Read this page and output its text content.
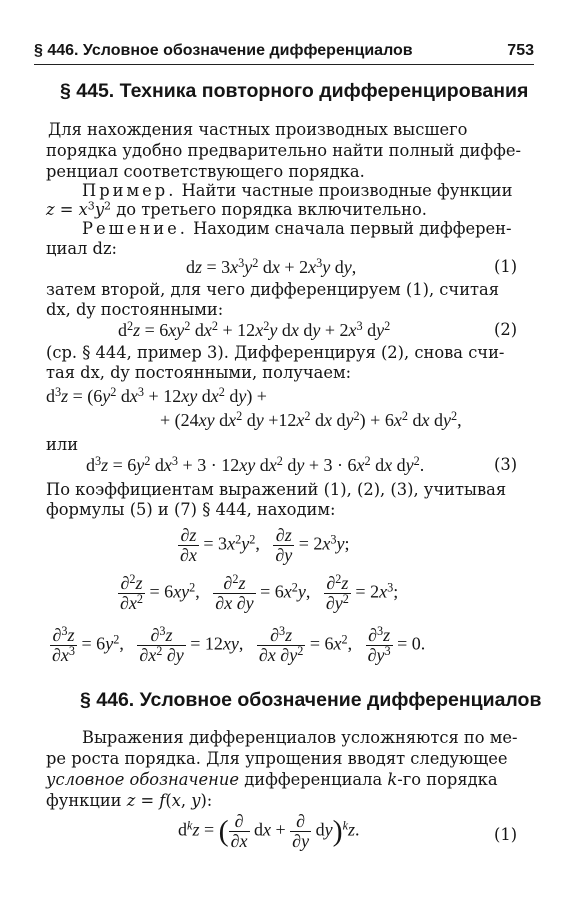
§ 446. Условное обозначение дифференциалов	753
§ 445. Техника повторного дифференцирования
Для нахождения частных производных высшего
порядка удобно предварительно найти полный диффе-
ренциал соответствующего порядка.
Пример. Найти частные производные функции
$z = x^3y^2$ до третьего порядка включительно.
Решение. Находим сначала первый дифферен-
циал dz:
dz = $3x^3y^2$ dx + $2x^3y$ dy,	(1)
затем второй, для чего дифференцируем (1), считая
dx, dy постоянными:
$d^2z = 6xy^2$ $dx^2 + 12x^2y$ dx dy + $2x^3$ $dy^2$	(2)
(ср. § 444, пример 3). Дифференцируя (2), снова счи-
тая dx, dy постоянными, получаем:
$d^3z = (6y^2$ $dx^3 + 12xy$ $dx^2$ dy) +
+ (24xy $dx^2$ dy $+12x^2$ dx $dy^2) + 6x^2$ dx $dy^2$,
или
$d^3z = 6y^2$ $dx^3 + 3 \cdot 12xy$ $dx^2$ dy + $3 \cdot 6x^2$ dx $dy^2$.	(3)
По коэффициентам выражений (1), (2), (3), учитывая
формулы (5) и (7) § 444, находим:
$\frac{\partial z}{\partial x} = 3x^2y^2$, $\frac{\partial z}{\partial y} = 2x^3y$;
$\frac{\partial^2z}{\partial x^2} = 6xy^2$, $\frac{\partial^2z}{\partial x \partial y} = 6x^2y$, $\frac{\partial^2z}{\partial y^2} = 2x^3$;
$\frac{\partial^3z}{\partial x^3} = 6y^2$, $\frac{\partial^3z}{\partial x^2 \partial y} = 12xy$, $\frac{\partial^3z}{\partial x \partial y^2} = 6x^2$, $\frac{\partial^3z}{\partial y^3} = 0$.
§ 446. Условное обозначение дифференциалов
Выражения дифференциалов усложняются по ме-
ре роста порядка. Для упрощения вводят следующее
условное обозначение дифференциала k-го порядка
функции z = f(x, y):
$d^kz$ = ( ∂
∂x
dx + ∂
∂y
dy)$^k$z.	(1)
